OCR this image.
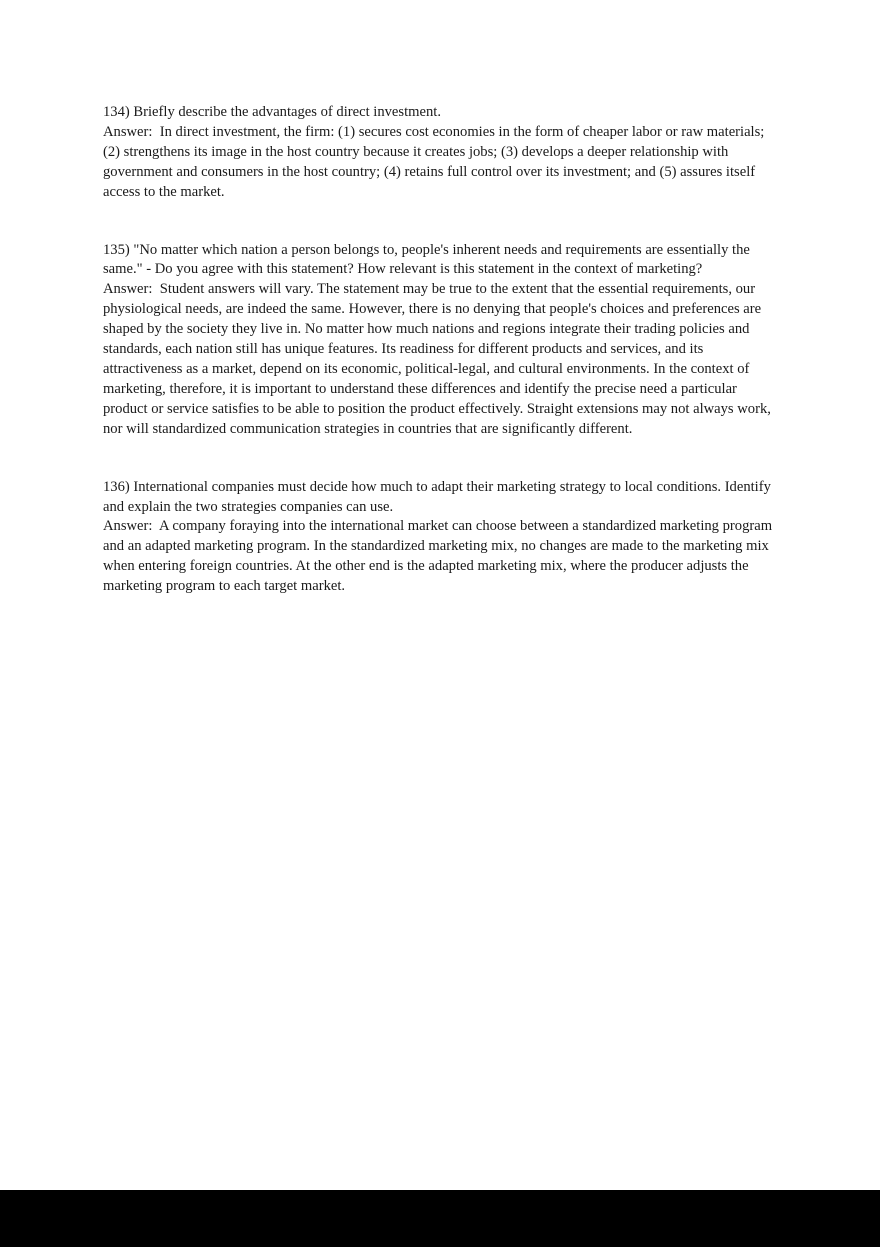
134) Briefly describe the advantages of direct investment.

Answer:  In direct investment, the firm: (1) secures cost economies in the form of cheaper labor or raw materials; (2) strengthens its image in the host country because it creates jobs; (3) develops a deeper relationship with government and consumers in the host country; (4) retains full control over its investment; and (5) assures itself access to the market.

135) "No matter which nation a person belongs to, people's inherent needs and requirements are essentially the same." - Do you agree with this statement? How relevant is this statement in the context of marketing?

Answer:  Student answers will vary. The statement may be true to the extent that the essential requirements, our physiological needs, are indeed the same. However, there is no denying that people's choices and preferences are shaped by the society they live in. No matter how much nations and regions integrate their trading policies and standards, each nation still has unique features. Its readiness for different products and services, and its attractiveness as a market, depend on its economic, political-legal, and cultural environments. In the context of marketing, therefore, it is important to understand these differences and identify the precise need a particular product or service satisfies to be able to position the product effectively. Straight extensions may not always work, nor will standardized communication strategies in countries that are significantly different.

136) International companies must decide how much to adapt their marketing strategy to local conditions. Identify and explain the two strategies companies can use.

Answer:  A company foraying into the international market can choose between a standardized marketing program and an adapted marketing program. In the standardized marketing mix, no changes are made to the marketing mix when entering foreign countries. At the other end is the adapted marketing mix, where the producer adjusts the marketing program to each target market.
